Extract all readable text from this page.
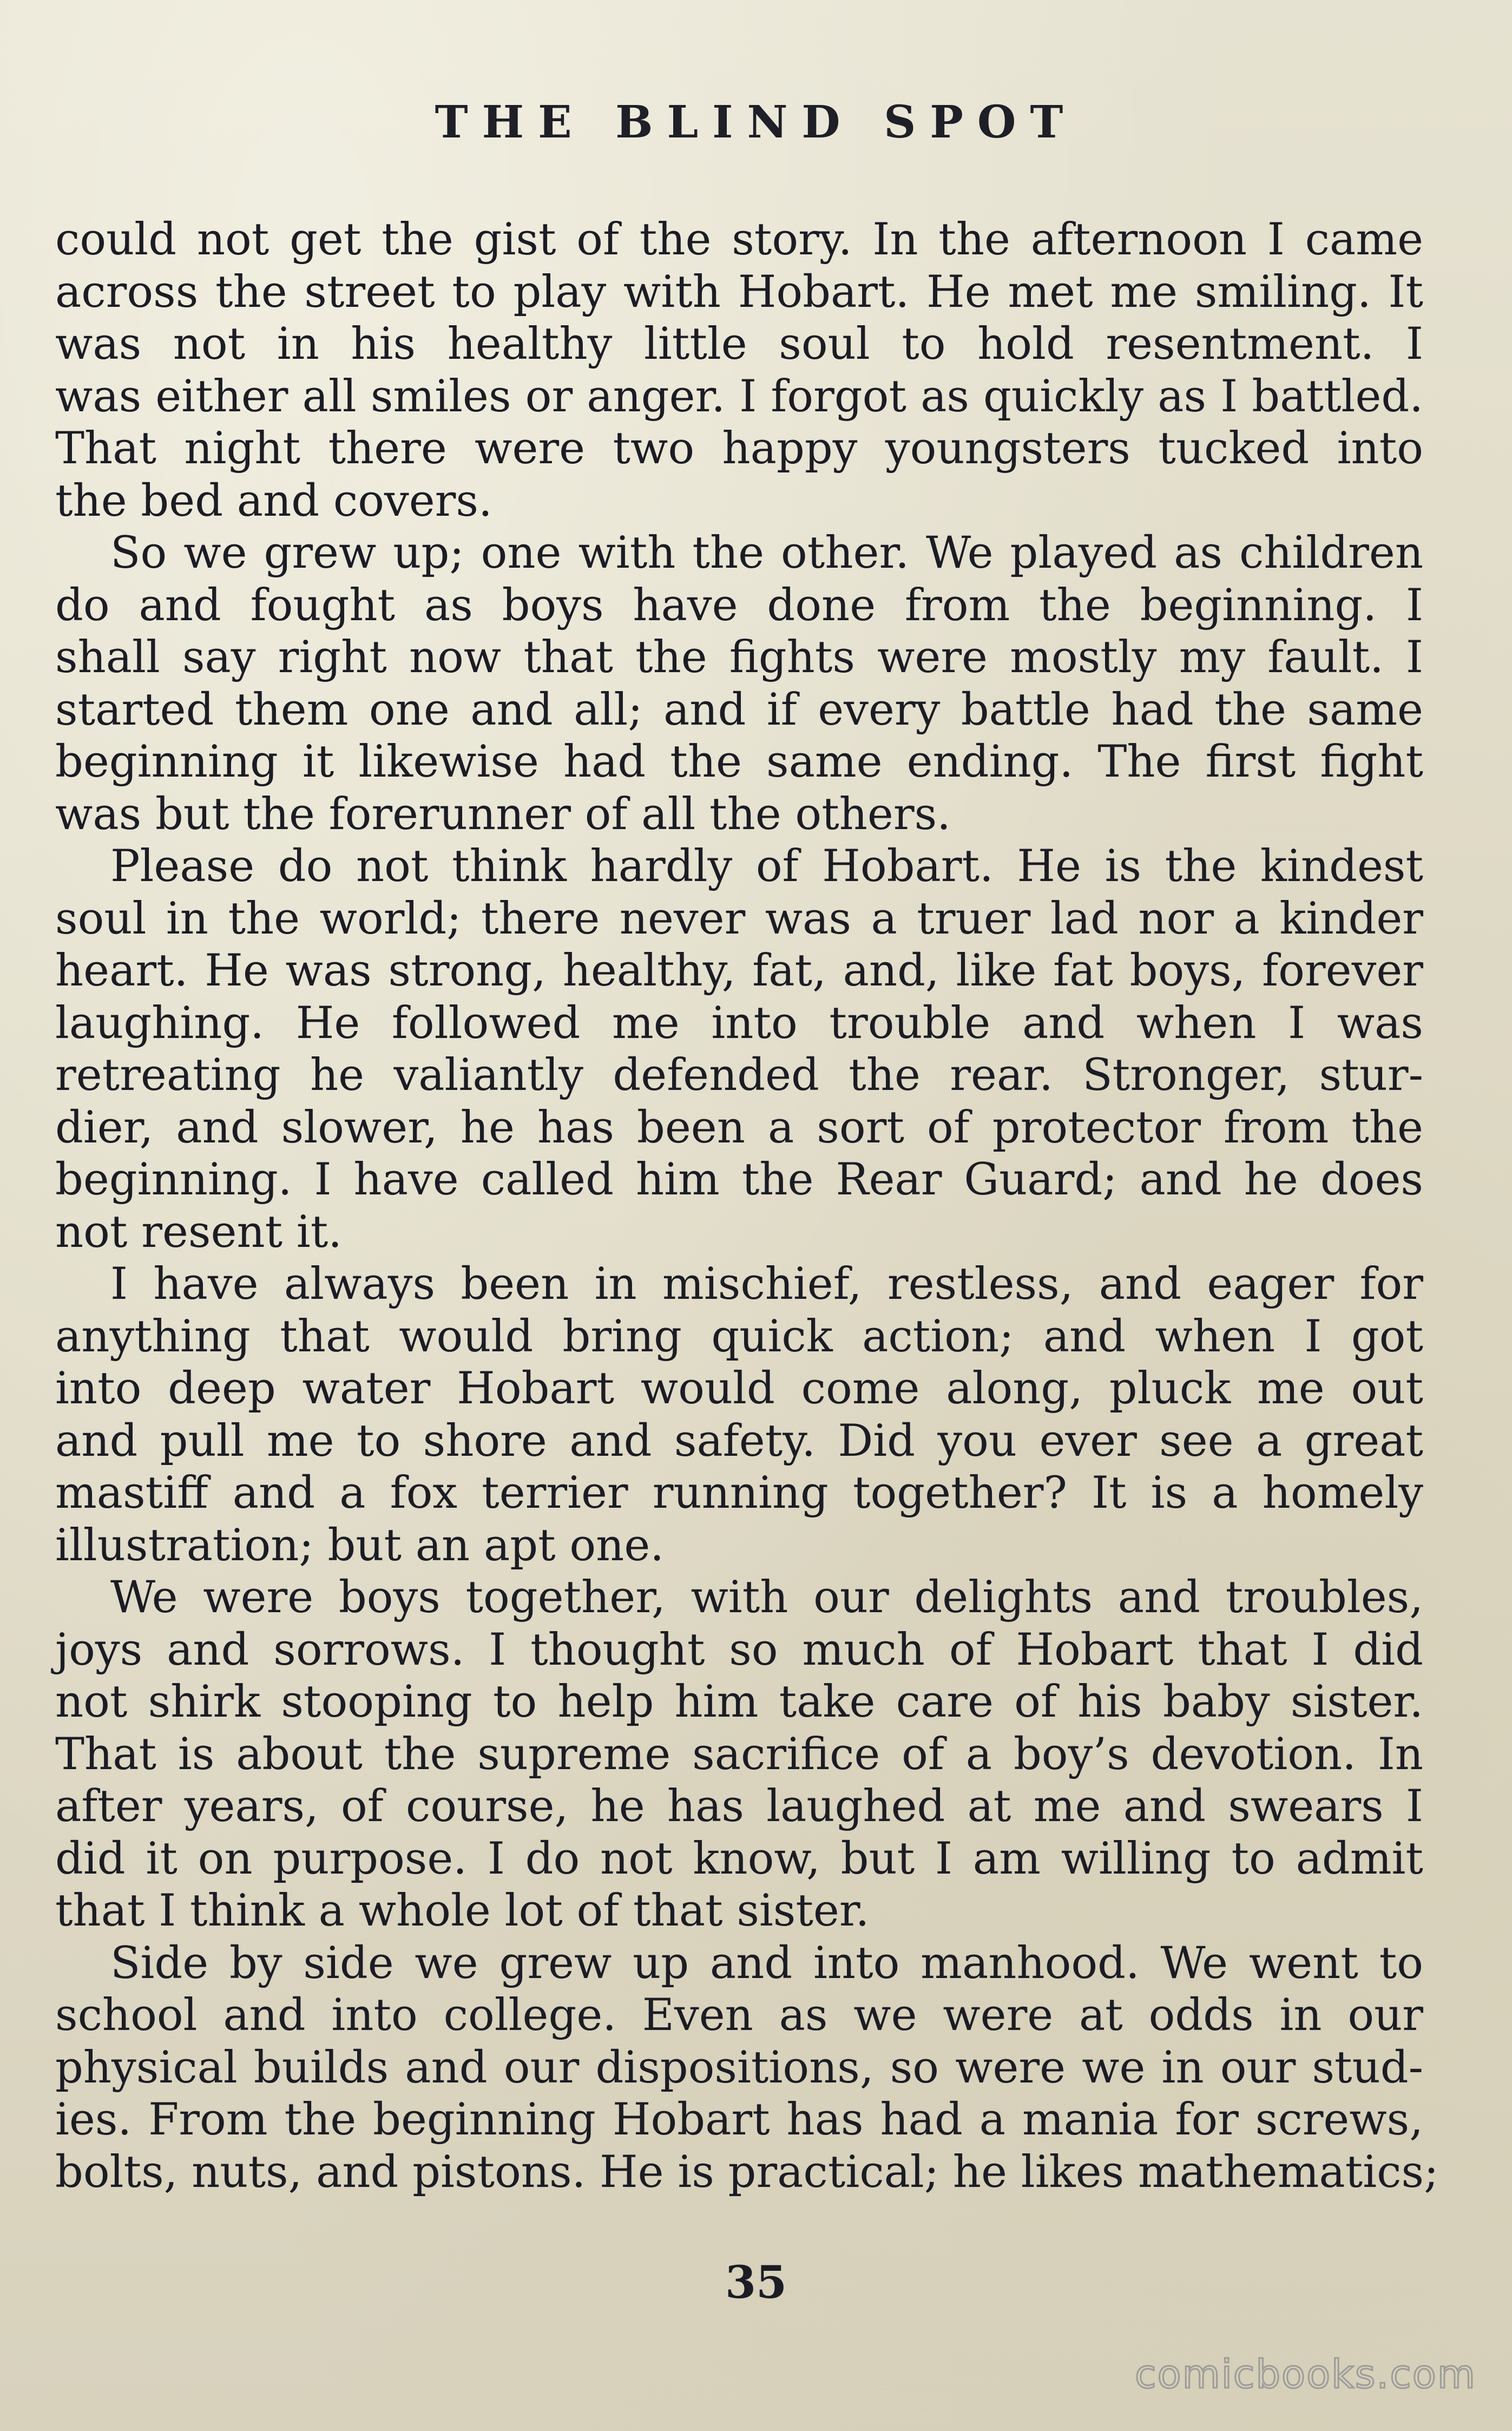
THE BLIND SPOT

could not get the gist of the story. In the afternoon I came
across the street to play with Hobart. He met me smiling. It
was not in his healthy little soul to hold resentment. I
was either all smiles or anger. I forgot as quickly as I battled.
That night there were two happy youngsters tucked into
the bed and covers.

So we grew up; one with the other. We played as children
do and fought as boys have done from the beginning. I
shall say right now that the fights were mostly my fault. I
started them one and all; and if every battle had the same
beginning it likewise had the same ending. The first fight
was but the forerunner of all the others.

Please do not think hardly of Hobart. He is the kindest
soul in the world; there never was a truer lad nor a kinder
heart. He was strong, healthy, fat, and, like fat boys, forever
laughing. He followed me into trouble and when I was
retreating he valiantly defended the rear. Stronger, stur-
dier, and slower, he has been a sort of protector from the
beginning. I have called him the Rear Guard; and he does
not resent it.

I have always been in mischief, restless, and eager for
anything that would bring quick action; and when I got
into deep water Hobart would come along, pluck me out
and pull me to shore and safety. Did you ever see a great
mastiff and a fox terrier running together? It is a homely
illustration; but an apt one.

We were boys together, with our delights and troubles,
joys and sorrows. I thought so much of Hobart that I did
not shirk stooping to help him take care of his baby sister.
That is about the supreme sacrifice of a boy’s devotion. In
after years, of course, he has laughed at me and swears I
did it on purpose. I do not know, but I am willing to admit
that I think a whole lot of that sister.

Side by side we grew up and into manhood. We went to
school and into college. Even as we were at odds in our
physical builds and our dispositions, so were we in our stud-
ies. From the beginning Hobart has had a mania for screws,
bolts, nuts, and pistons. He is practical; he likes mathematics;

35
comicbooks.com
